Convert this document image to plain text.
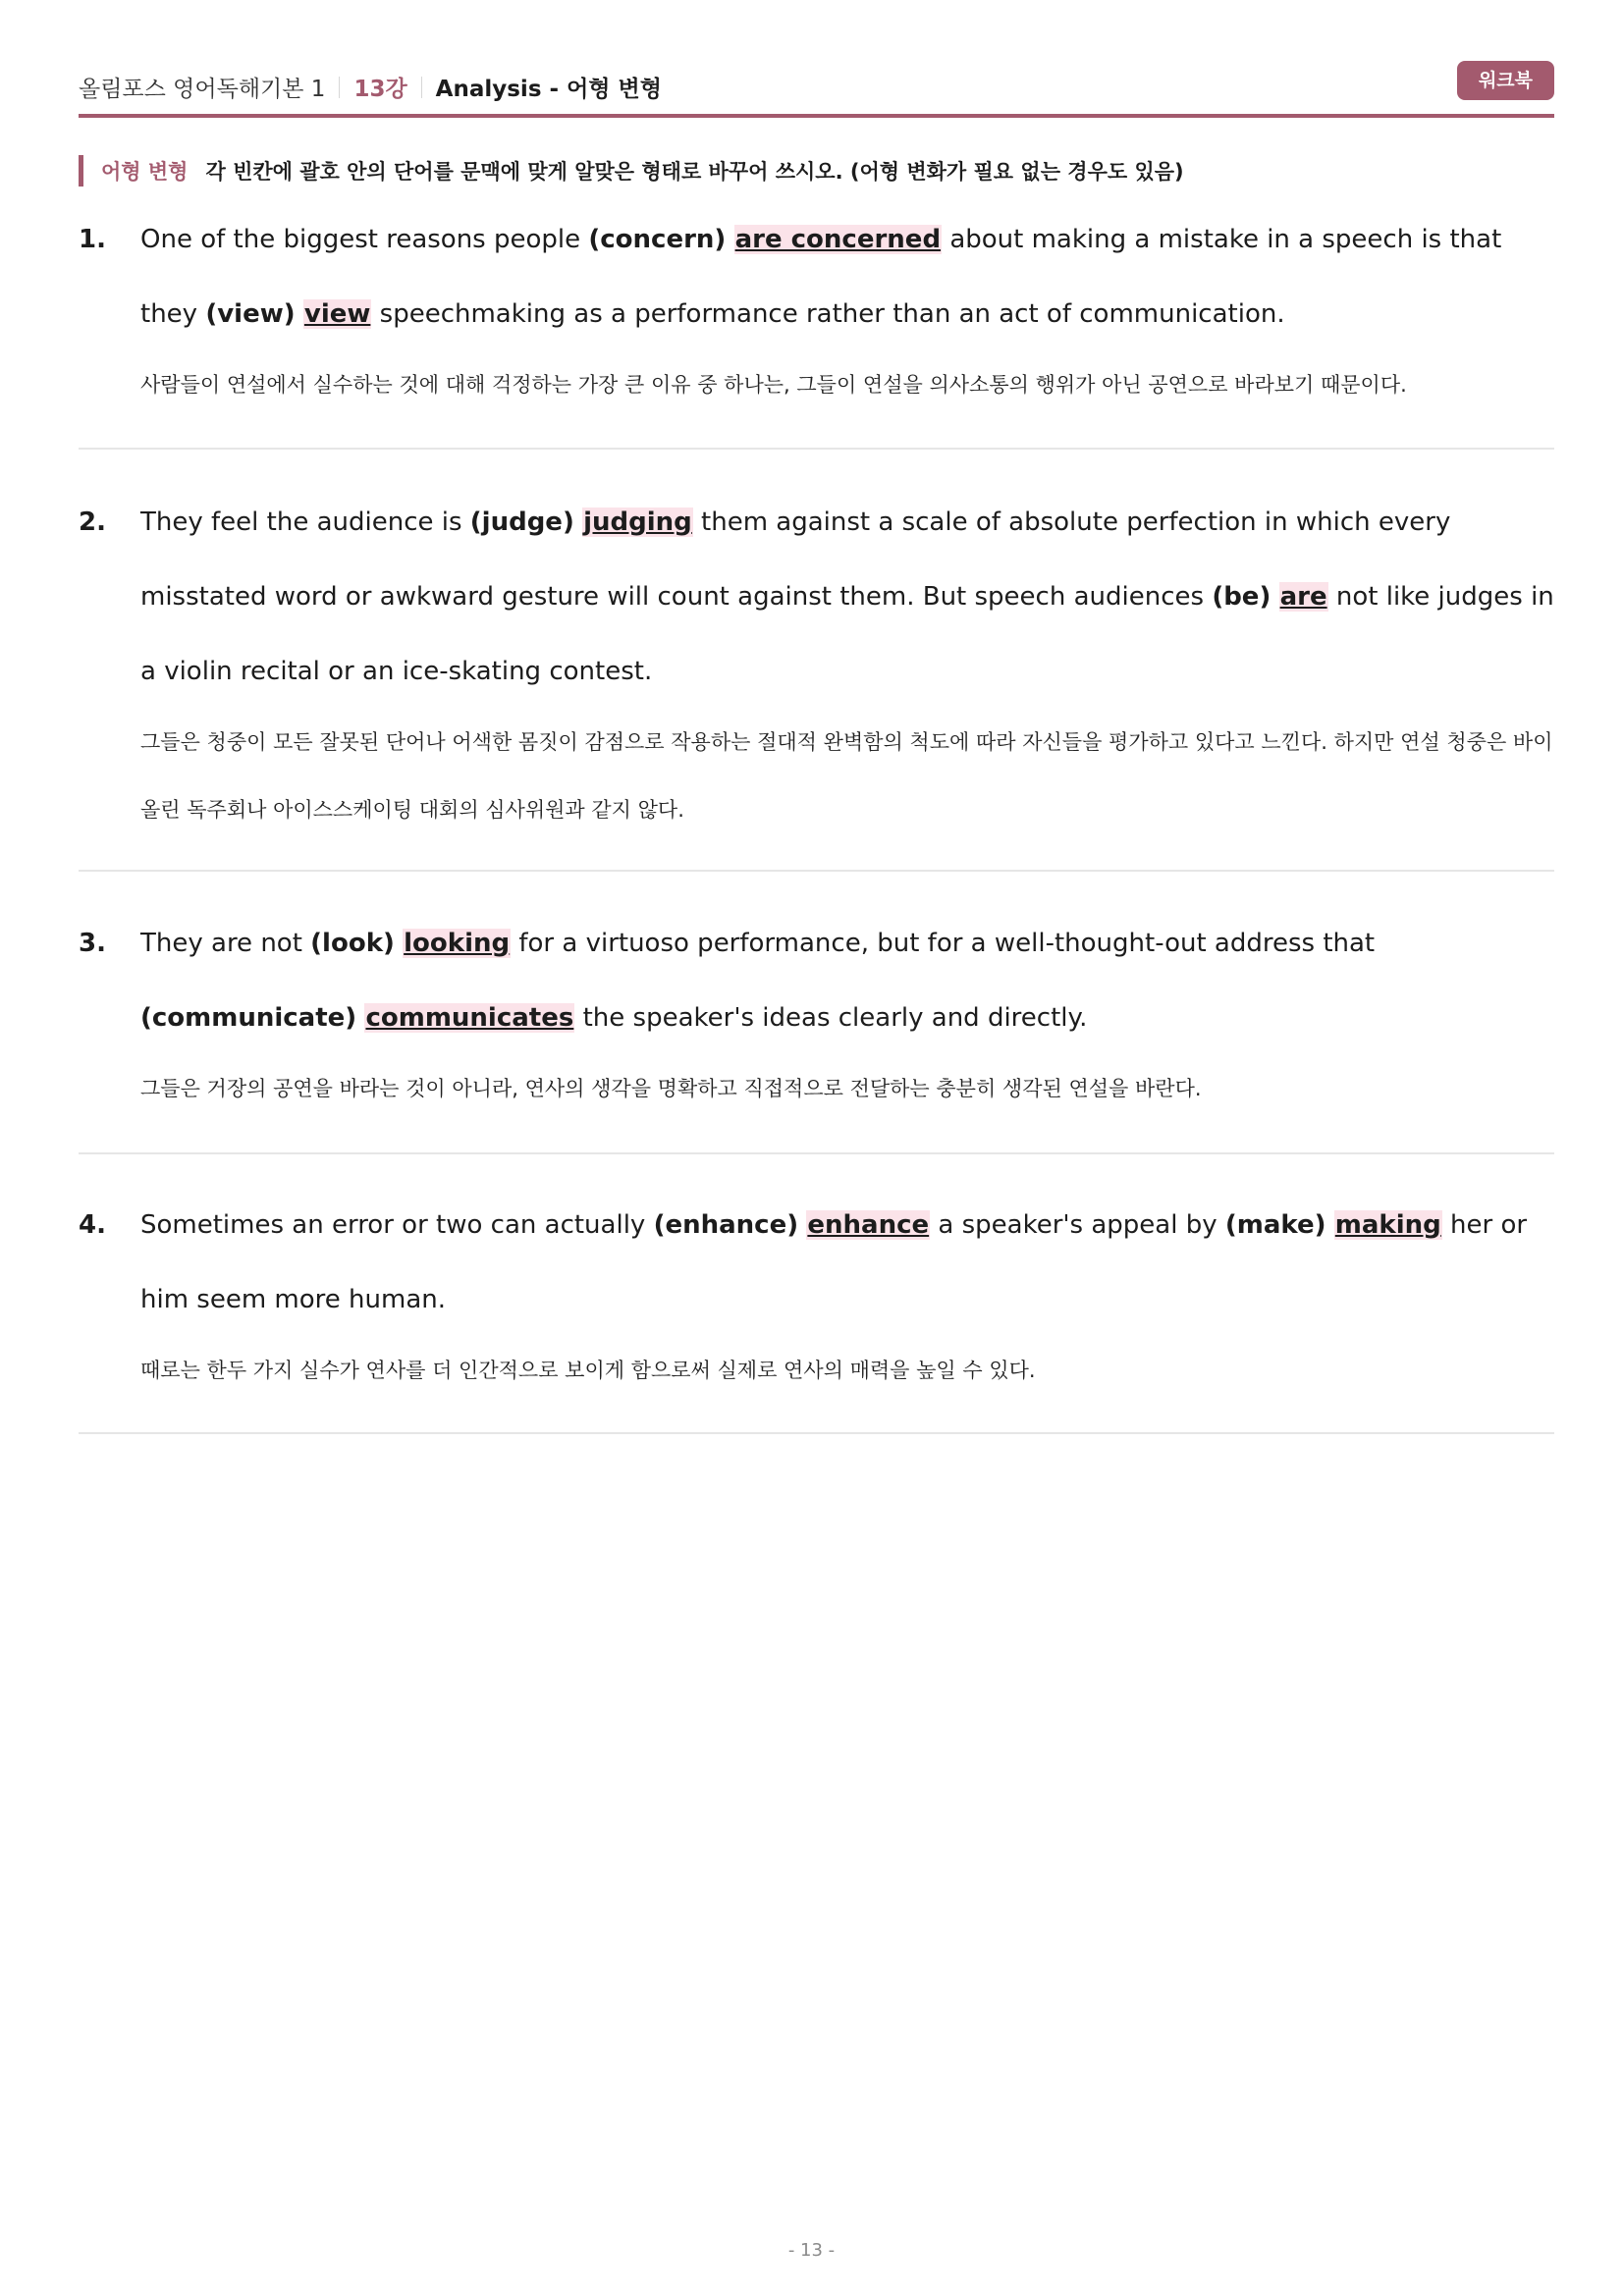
올림포스 영어독해기본 1 13강 Analysis - 어형 변형	워크북
어형 변형 각 빈칸에 괄호 안의 단어를 문맥에 맞게 알맞은 형태로 바꾸어 쓰시오. (어형 변화가 필요 없는 경우도 있음)
1. One of the biggest reasons people (concern) are concerned about making a mistake in a speech is that they (view) view speechmaking as a performance rather than an act of communication.
사람들이 연설에서 실수하는 것에 대해 걱정하는 가장 큰 이유 중 하나는, 그들이 연설을 의사소통의 행위가 아닌 공연으로 바라보기 때문이다.
2. They feel the audience is (judge) judging them against a scale of absolute perfection in which every misstated word or awkward gesture will count against them. But speech audiences (be) are not like judges in a violin recital or an ice-skating contest.
그들은 청중이 모든 잘못된 단어나 어색한 몸짓이 감점으로 작용하는 절대적 완벽함의 척도에 따라 자신들을 평가하고 있다고 느낀다. 하지만 연설 청중은 바이올린 독주회나 아이스스케이팅 대회의 심사위원과 같지 않다.
3. They are not (look) looking for a virtuoso performance, but for a well-thought-out address that (communicate) communicates the speaker's ideas clearly and directly.
그들은 거장의 공연을 바라는 것이 아니라, 연사의 생각을 명확하고 직접적으로 전달하는 충분히 생각된 연설을 바란다.
4. Sometimes an error or two can actually (enhance) enhance a speaker's appeal by (make) making her or him seem more human.
때로는 한두 가지 실수가 연사를 더 인간적으로 보이게 함으로써 실제로 연사의 매력을 높일 수 있다.
- 13 -
